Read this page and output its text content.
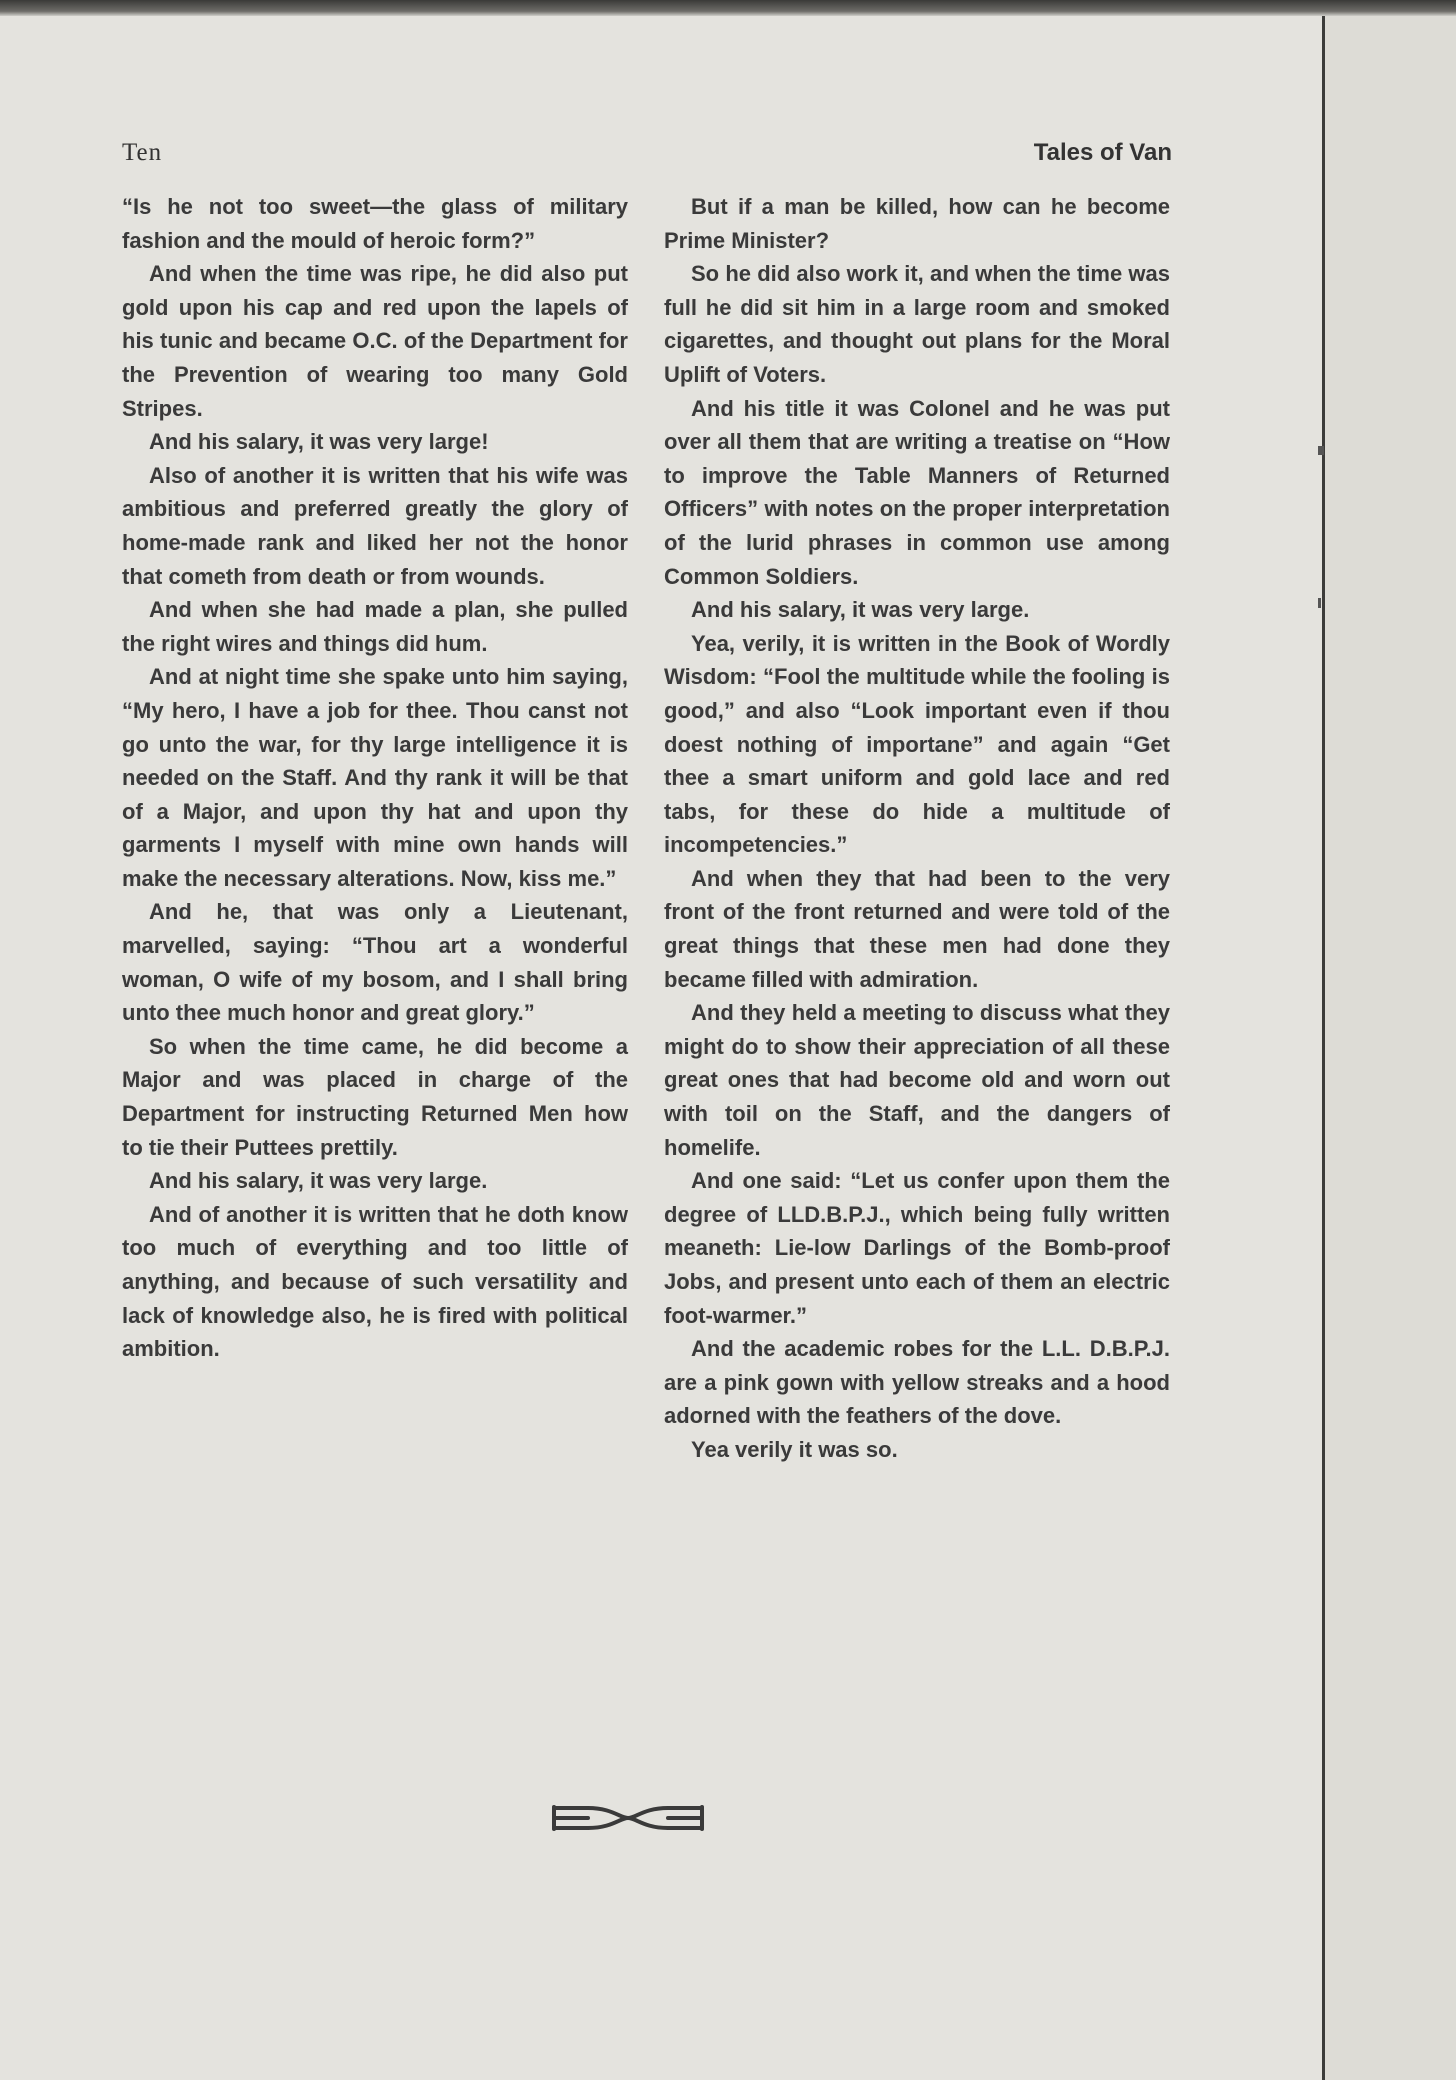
Ten	Tales of Van

“Is he not too sweet—the glass of military fashion and the mould of heroic form?”

And when the time was ripe, he did also put gold upon his cap and red upon the lapels of his tunic and became O.C. of the Department for the Prevention of wearing too many Gold Stripes.

And his salary, it was very large!

Also of another it is written that his wife was ambitious and preferred greatly the glory of home-made rank and liked her not the honor that cometh from death or from wounds.

And when she had made a plan, she pulled the right wires and things did hum.

And at night time she spake unto him saying, “My hero, I have a job for thee. Thou canst not go unto the war, for thy large intelligence it is needed on the Staff. And thy rank it will be that of a Major, and upon thy hat and upon thy garments I myself with mine own hands will make the necessary alterations. Now, kiss me.”

And he, that was only a Lieutenant, marvelled, saying: “Thou art a wonderful woman, O wife of my bosom, and I shall bring unto thee much honor and great glory.”

So when the time came, he did become a Major and was placed in charge of the Department for instructing Returned Men how to tie their Puttees prettily.

And his salary, it was very large.

And of another it is written that he doth know too much of everything and too little of anything, and because of such versatility and lack of knowledge also, he is fired with political ambition.

But if a man be killed, how can he become Prime Minister?

So he did also work it, and when the time was full he did sit him in a large room and smoked cigarettes, and thought out plans for the Moral Uplift of Voters.

And his title it was Colonel and he was put over all them that are writing a treatise on “How to improve the Table Manners of Returned Officers” with notes on the proper interpretation of the lurid phrases in common use among Common Soldiers.

And his salary, it was very large.

Yea, verily, it is written in the Book of Wordly Wisdom: “Fool the multitude while the fooling is good,” and also “Look important even if thou doest nothing of importane” and again “Get thee a smart uniform and gold lace and red tabs, for these do hide a multitude of incompetencies.”

And when they that had been to the very front of the front returned and were told of the great things that these men had done they became filled with admiration.

And they held a meeting to discuss what they might do to show their appreciation of all these great ones that had become old and worn out with toil on the Staff, and the dangers of homelife.

And one said: “Let us confer upon them the degree of LLD.B.P.J., which being fully written meaneth: Lie-low Darlings of the Bomb-proof Jobs, and present unto each of them an electric foot-warmer.”

And the academic robes for the L.L. D.B.P.J. are a pink gown with yellow streaks and a hood adorned with the feathers of the dove.

Yea verily it was so.
